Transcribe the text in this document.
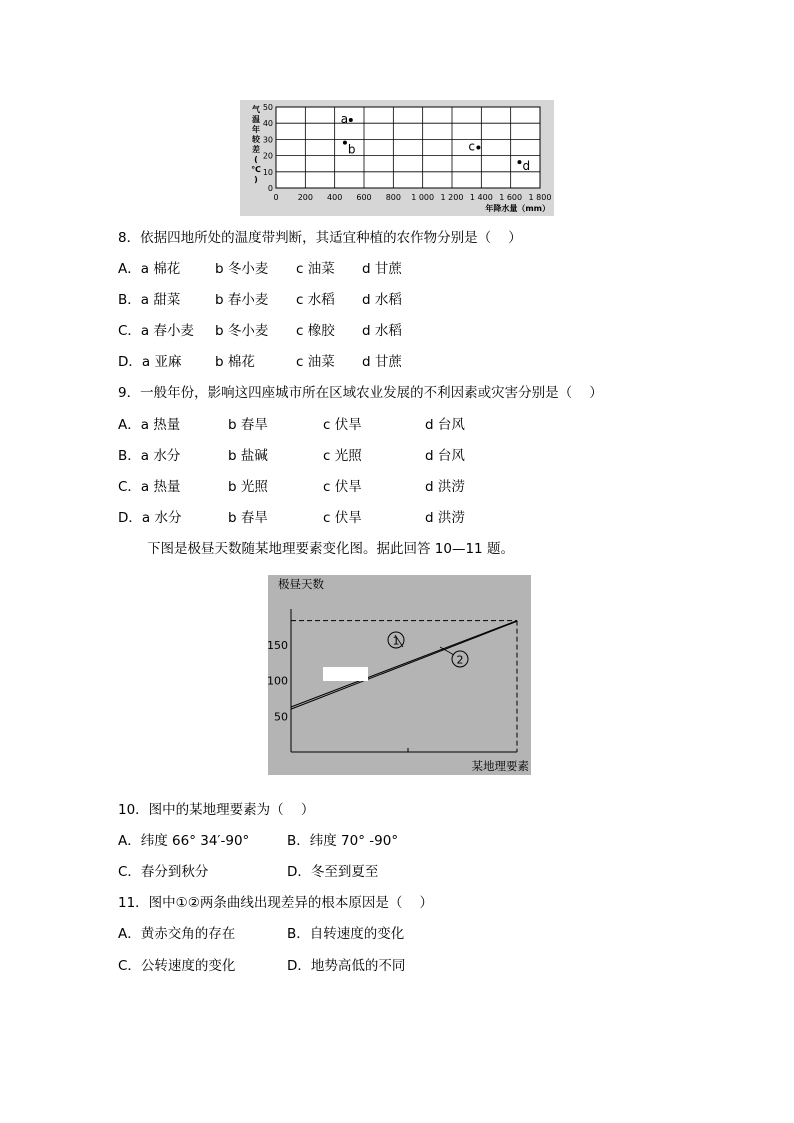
0 200 400 600 800 1 000 1 200 1 400 1 600 1 800
0
10
20
30
40
50
气
温
年
较
差
(
℃
)
年降水量（mm）
a
b	c
d
8．依据四地所处的温度带判断，其适宜种植的农作物分别是（    ）
A．a 棉花	b 冬小麦 c 油菜 d 甘蔗
B．a 甜菜	b 春小麦 c 水稻 d 水稻
C．a 春小麦 b 冬小麦 c 橡胶 d 水稻
D．a 亚麻 b 棉花	c 油菜 d 甘蔗
9．一般年份，影响这四座城市所在区域农业发展的不利因素或灾害分别是（    ）
A．a 热量	b 春旱	c 伏旱	d 台风
B．a 水分	b 盐碱	c 光照	d 台风
C．a 热量	b 光照	c 伏旱	d 洪涝
D．a 水分	b 春旱	c 伏旱	d 洪涝
下图是极昼天数随某地理要素变化图。据此回答 10—11 题。
50
100
150
极昼天数
某地理要素
1
2
10．图中的某地理要素为（    ）
A．纬度 66° 34′-90°	B．纬度 70° -90°
C．春分到秋分	D．冬至到夏至
11．图中①②两条曲线出现差异的根本原因是（    ）
A．黄赤交角的存在	B．自转速度的变化
C．公转速度的变化	D．地势高低的不同
